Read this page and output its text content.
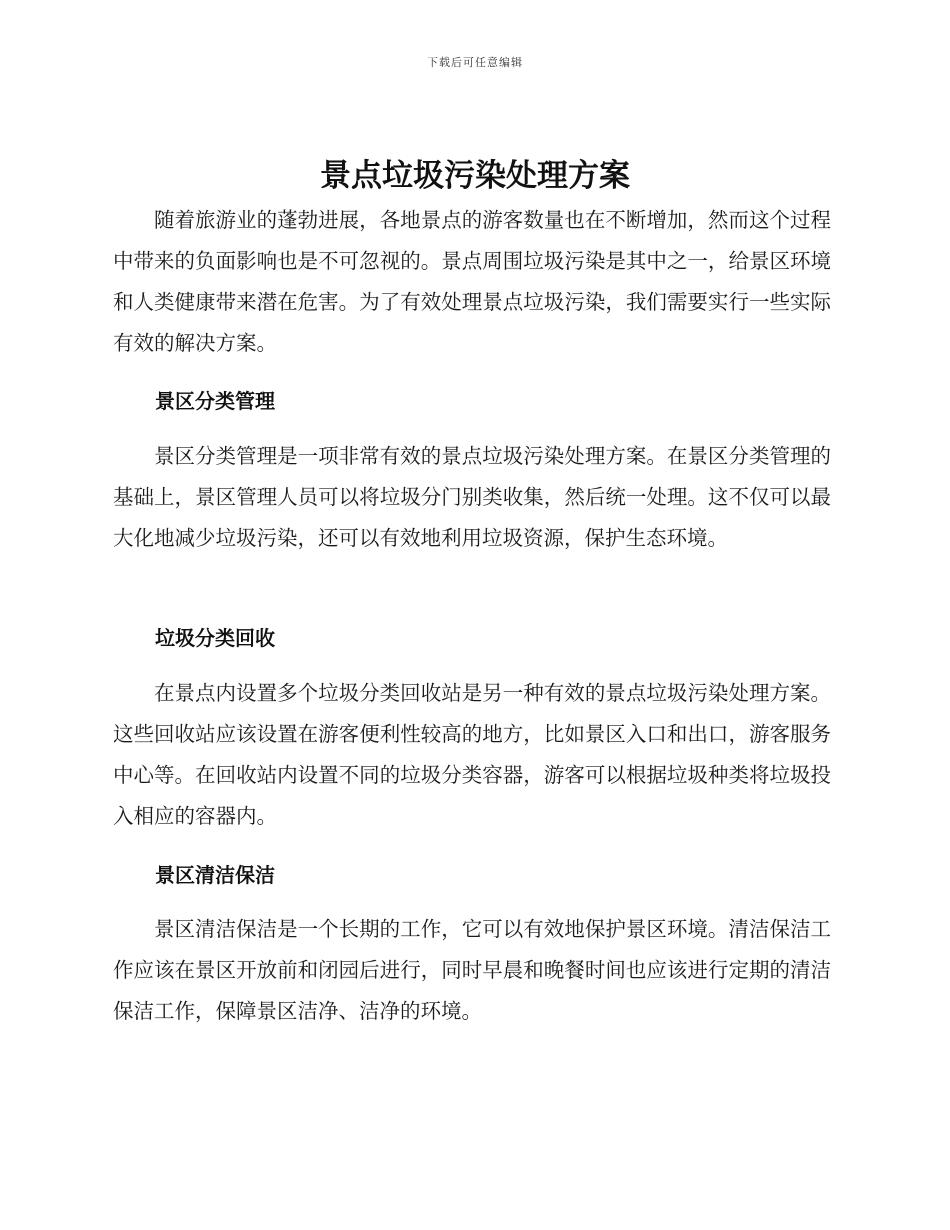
下载后可任意编辑
景点垃圾污染处理方案

随着旅游业的蓬勃进展，各地景点的游客数量也在不断增加，然而这个过程中带来的负面影响也是不可忽视的。景点周围垃圾污染是其中之一，给景区环境和人类健康带来潜在危害。为了有效处理景点垃圾污染，我们需要实行一些实际有效的解决方案。

景区分类管理

景区分类管理是一项非常有效的景点垃圾污染处理方案。在景区分类管理的基础上，景区管理人员可以将垃圾分门别类收集，然后统一处理。这不仅可以最大化地减少垃圾污染，还可以有效地利用垃圾资源，保护生态环境。

垃圾分类回收

在景点内设置多个垃圾分类回收站是另一种有效的景点垃圾污染处理方案。这些回收站应该设置在游客便利性较高的地方，比如景区入口和出口，游客服务中心等。在回收站内设置不同的垃圾分类容器，游客可以根据垃圾种类将垃圾投入相应的容器内。

景区清洁保洁

景区清洁保洁是一个长期的工作，它可以有效地保护景区环境。清洁保洁工作应该在景区开放前和闭园后进行，同时早晨和晚餐时间也应该进行定期的清洁保洁工作，保障景区洁净、洁净的环境。
